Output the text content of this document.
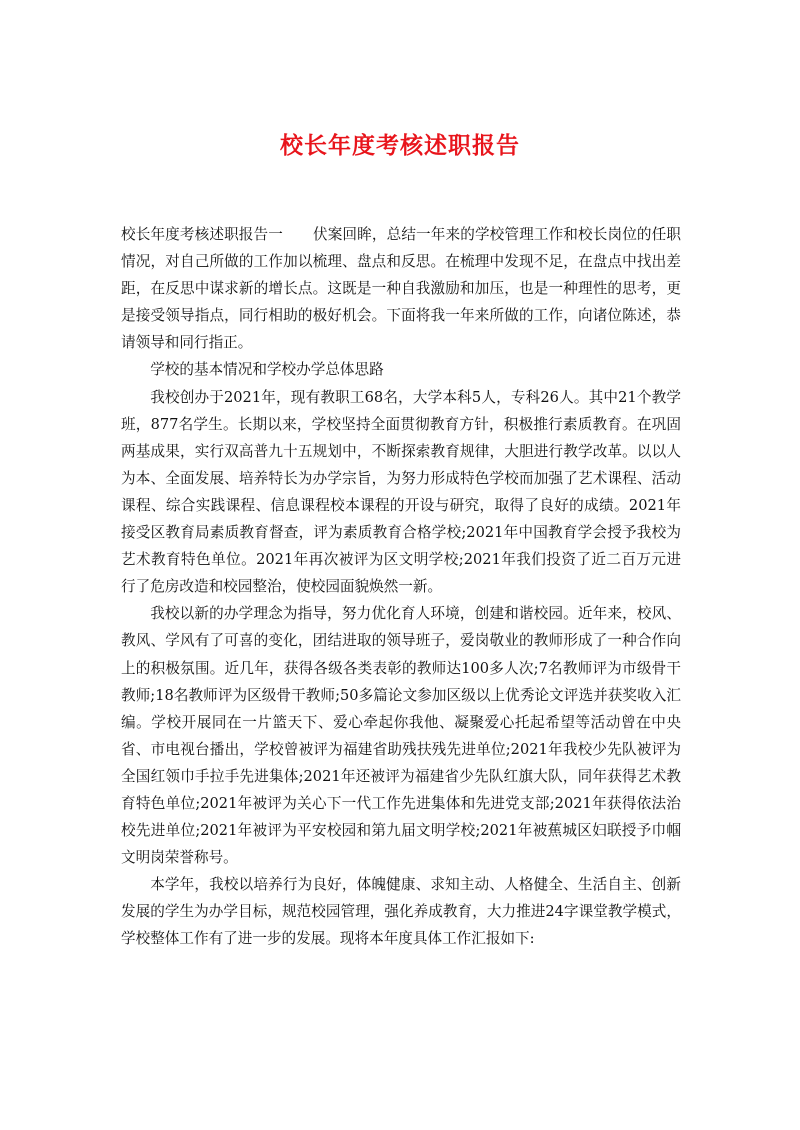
校长年度考核述职报告

校长年度考核述职报告一 伏案回眸，总结一年来的学校管理工作和校长岗位的任职情况，对自己所做的工作加以梳理、盘点和反思。在梳理中发现不足，在盘点中找出差距，在反思中谋求新的增长点。这既是一种自我激励和加压，也是一种理性的思考，更是接受领导指点，同行相助的极好机会。下面将我一年来所做的工作，向诸位陈述，恭请领导和同行指正。

学校的基本情况和学校办学总体思路

我校创办于2021年，现有教职工68名，大学本科5人，专科26人。其中21个教学班，877名学生。长期以来，学校坚持全面贯彻教育方针，积极推行素质教育。在巩固两基成果，实行双高普九十五规划中，不断探索教育规律，大胆进行教学改革。以以人为本、全面发展、培养特长为办学宗旨，为努力形成特色学校而加强了艺术课程、活动课程、综合实践课程、信息课程校本课程的开设与研究，取得了良好的成绩。2021年接受区教育局素质教育督查，评为素质教育合格学校;2021年中国教育学会授予我校为艺术教育特色单位。2021年再次被评为区文明学校;2021年我们投资了近二百万元进行了危房改造和校园整治，使校园面貌焕然一新。

我校以新的办学理念为指导，努力优化育人环境，创建和谐校园。近年来，校风、教风、学风有了可喜的变化，团结进取的领导班子，爱岗敬业的教师形成了一种合作向上的积极氛围。近几年，获得各级各类表彰的教师达100多人次;7名教师评为市级骨干教师;18名教师评为区级骨干教师;50多篇论文参加区级以上优秀论文评选并获奖收入汇编。学校开展同在一片篮天下、爱心牵起你我他、凝聚爱心托起希望等活动曾在中央省、市电视台播出，学校曾被评为福建省助残扶残先进单位;2021年我校少先队被评为全国红领巾手拉手先进集体;2021年还被评为福建省少先队红旗大队，同年获得艺术教育特色单位;2021年被评为关心下一代工作先进集体和先进党支部;2021年获得依法治校先进单位;2021年被评为平安校园和第九届文明学校;2021年被蕉城区妇联授予巾帼文明岗荣誉称号。

本学年，我校以培养行为良好，体魄健康、求知主动、人格健全、生活自主、创新发展的学生为办学目标，规范校园管理，强化养成教育，大力推进24字课堂教学模式，学校整体工作有了进一步的发展。现将本年度具体工作汇报如下:
